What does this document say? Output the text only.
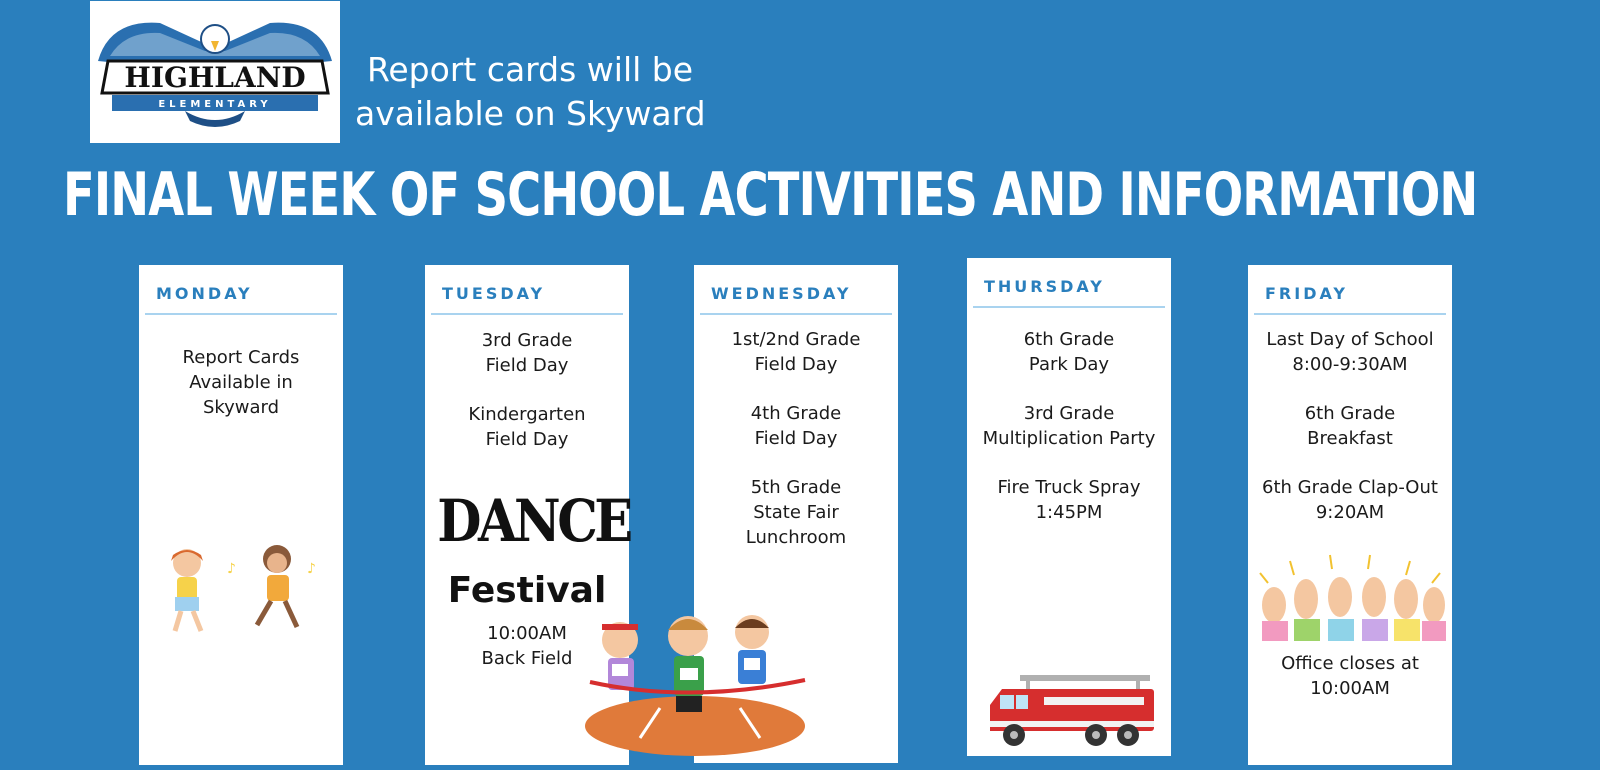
HIGHLAND
ELEMENTARY
Report cards will be
available on Skyward
FINAL WEEK OF SCHOOL ACTIVITIES AND INFORMATION
MONDAY
Report Cards
Available in
Skyward
♪	♪
TUESDAY
3rd Grade
Field Day
Kindergarten
Field Day
DANCE
Festival
10:00AM
Back Field
WEDNESDAY
1st/2nd Grade
Field Day
4th Grade
Field Day
5th Grade
State Fair
Lunchroom
THURSDAY
6th Grade
Park Day
3rd Grade
Multiplication Party
Fire Truck Spray
1:45PM
FRIDAY
Last Day of School
8:00-9:30AM
6th Grade
Breakfast
6th Grade Clap-Out
9:20AM
Office closes at
10:00AM
